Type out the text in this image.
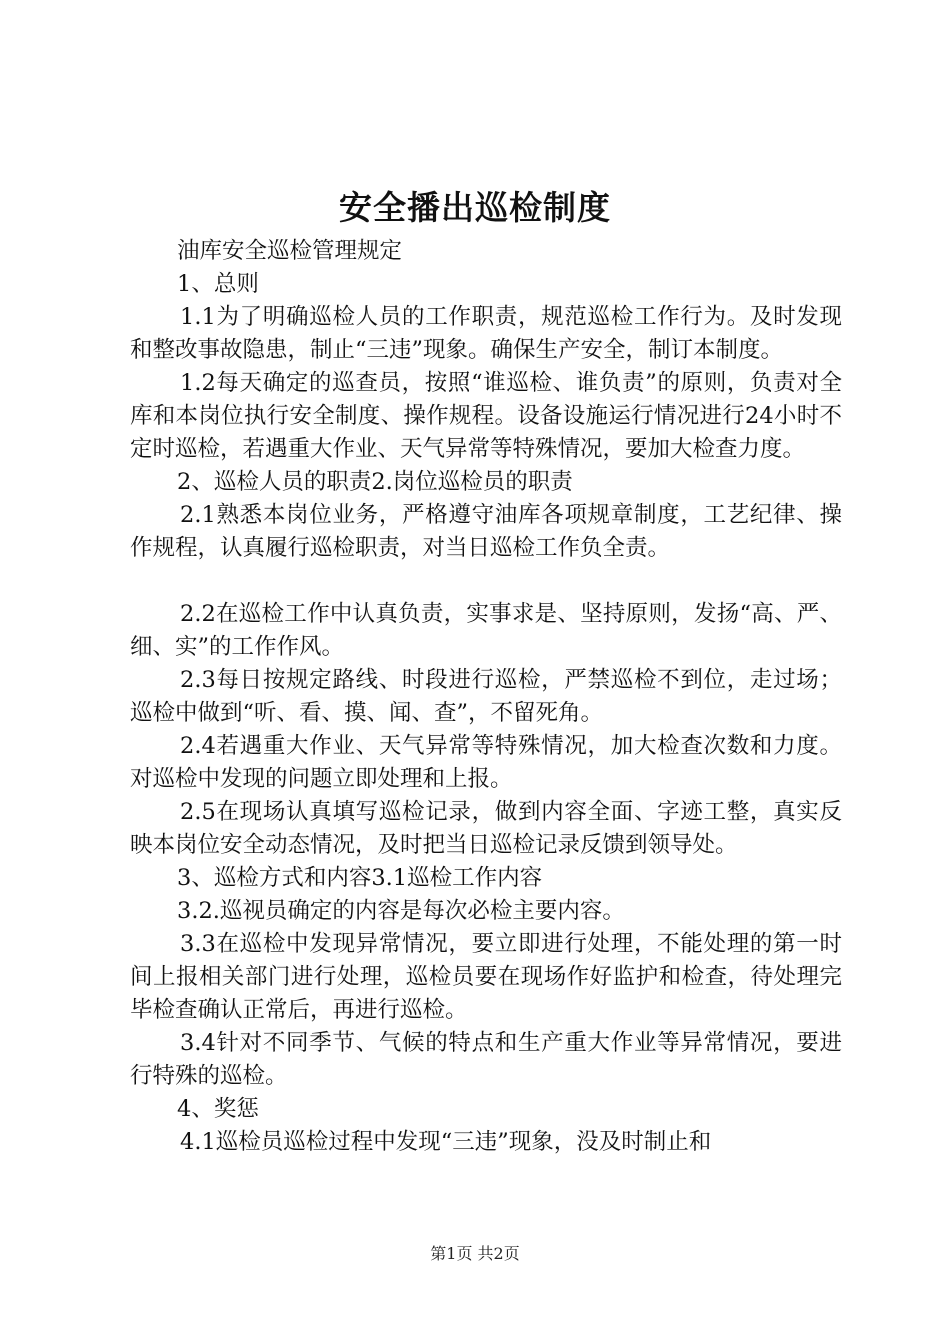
安全播出巡检制度

油库安全巡检管理规定

1、总则

1.1为了明确巡检人员的工作职责，规范巡检工作行为。及时发现和整改事故隐患，制止“三违”现象。确保生产安全，制订本制度。

1.2每天确定的巡查员，按照“谁巡检、谁负责”的原则，负责对全库和本岗位执行安全制度、操作规程。设备设施运行情况进行24小时不定时巡检，若遇重大作业、天气异常等特殊情况，要加大检查力度。

2、巡检人员的职责2.岗位巡检员的职责

2.1熟悉本岗位业务，严格遵守油库各项规章制度，工艺纪律、操作规程，认真履行巡检职责，对当日巡检工作负全责。

2.2在巡检工作中认真负责，实事求是、坚持原则，发扬“高、严、细、实”的工作作风。

2.3每日按规定路线、时段进行巡检，严禁巡检不到位，走过场；巡检中做到“听、看、摸、闻、查”，不留死角。

2.4若遇重大作业、天气异常等特殊情况，加大检查次数和力度。对巡检中发现的问题立即处理和上报。

2.5在现场认真填写巡检记录，做到内容全面、字迹工整，真实反映本岗位安全动态情况，及时把当日巡检记录反馈到领导处。

3、巡检方式和内容3.1巡检工作内容

3.2.巡视员确定的内容是每次必检主要内容。

3.3在巡检中发现异常情况，要立即进行处理，不能处理的第一时间上报相关部门进行处理，巡检员要在现场作好监护和检查，待处理完毕检查确认正常后，再进行巡检。

3.4针对不同季节、气候的特点和生产重大作业等异常情况，要进行特殊的巡检。

4、奖惩

4.1巡检员巡检过程中发现“三违”现象，没及时制止和

第1页 共2页
